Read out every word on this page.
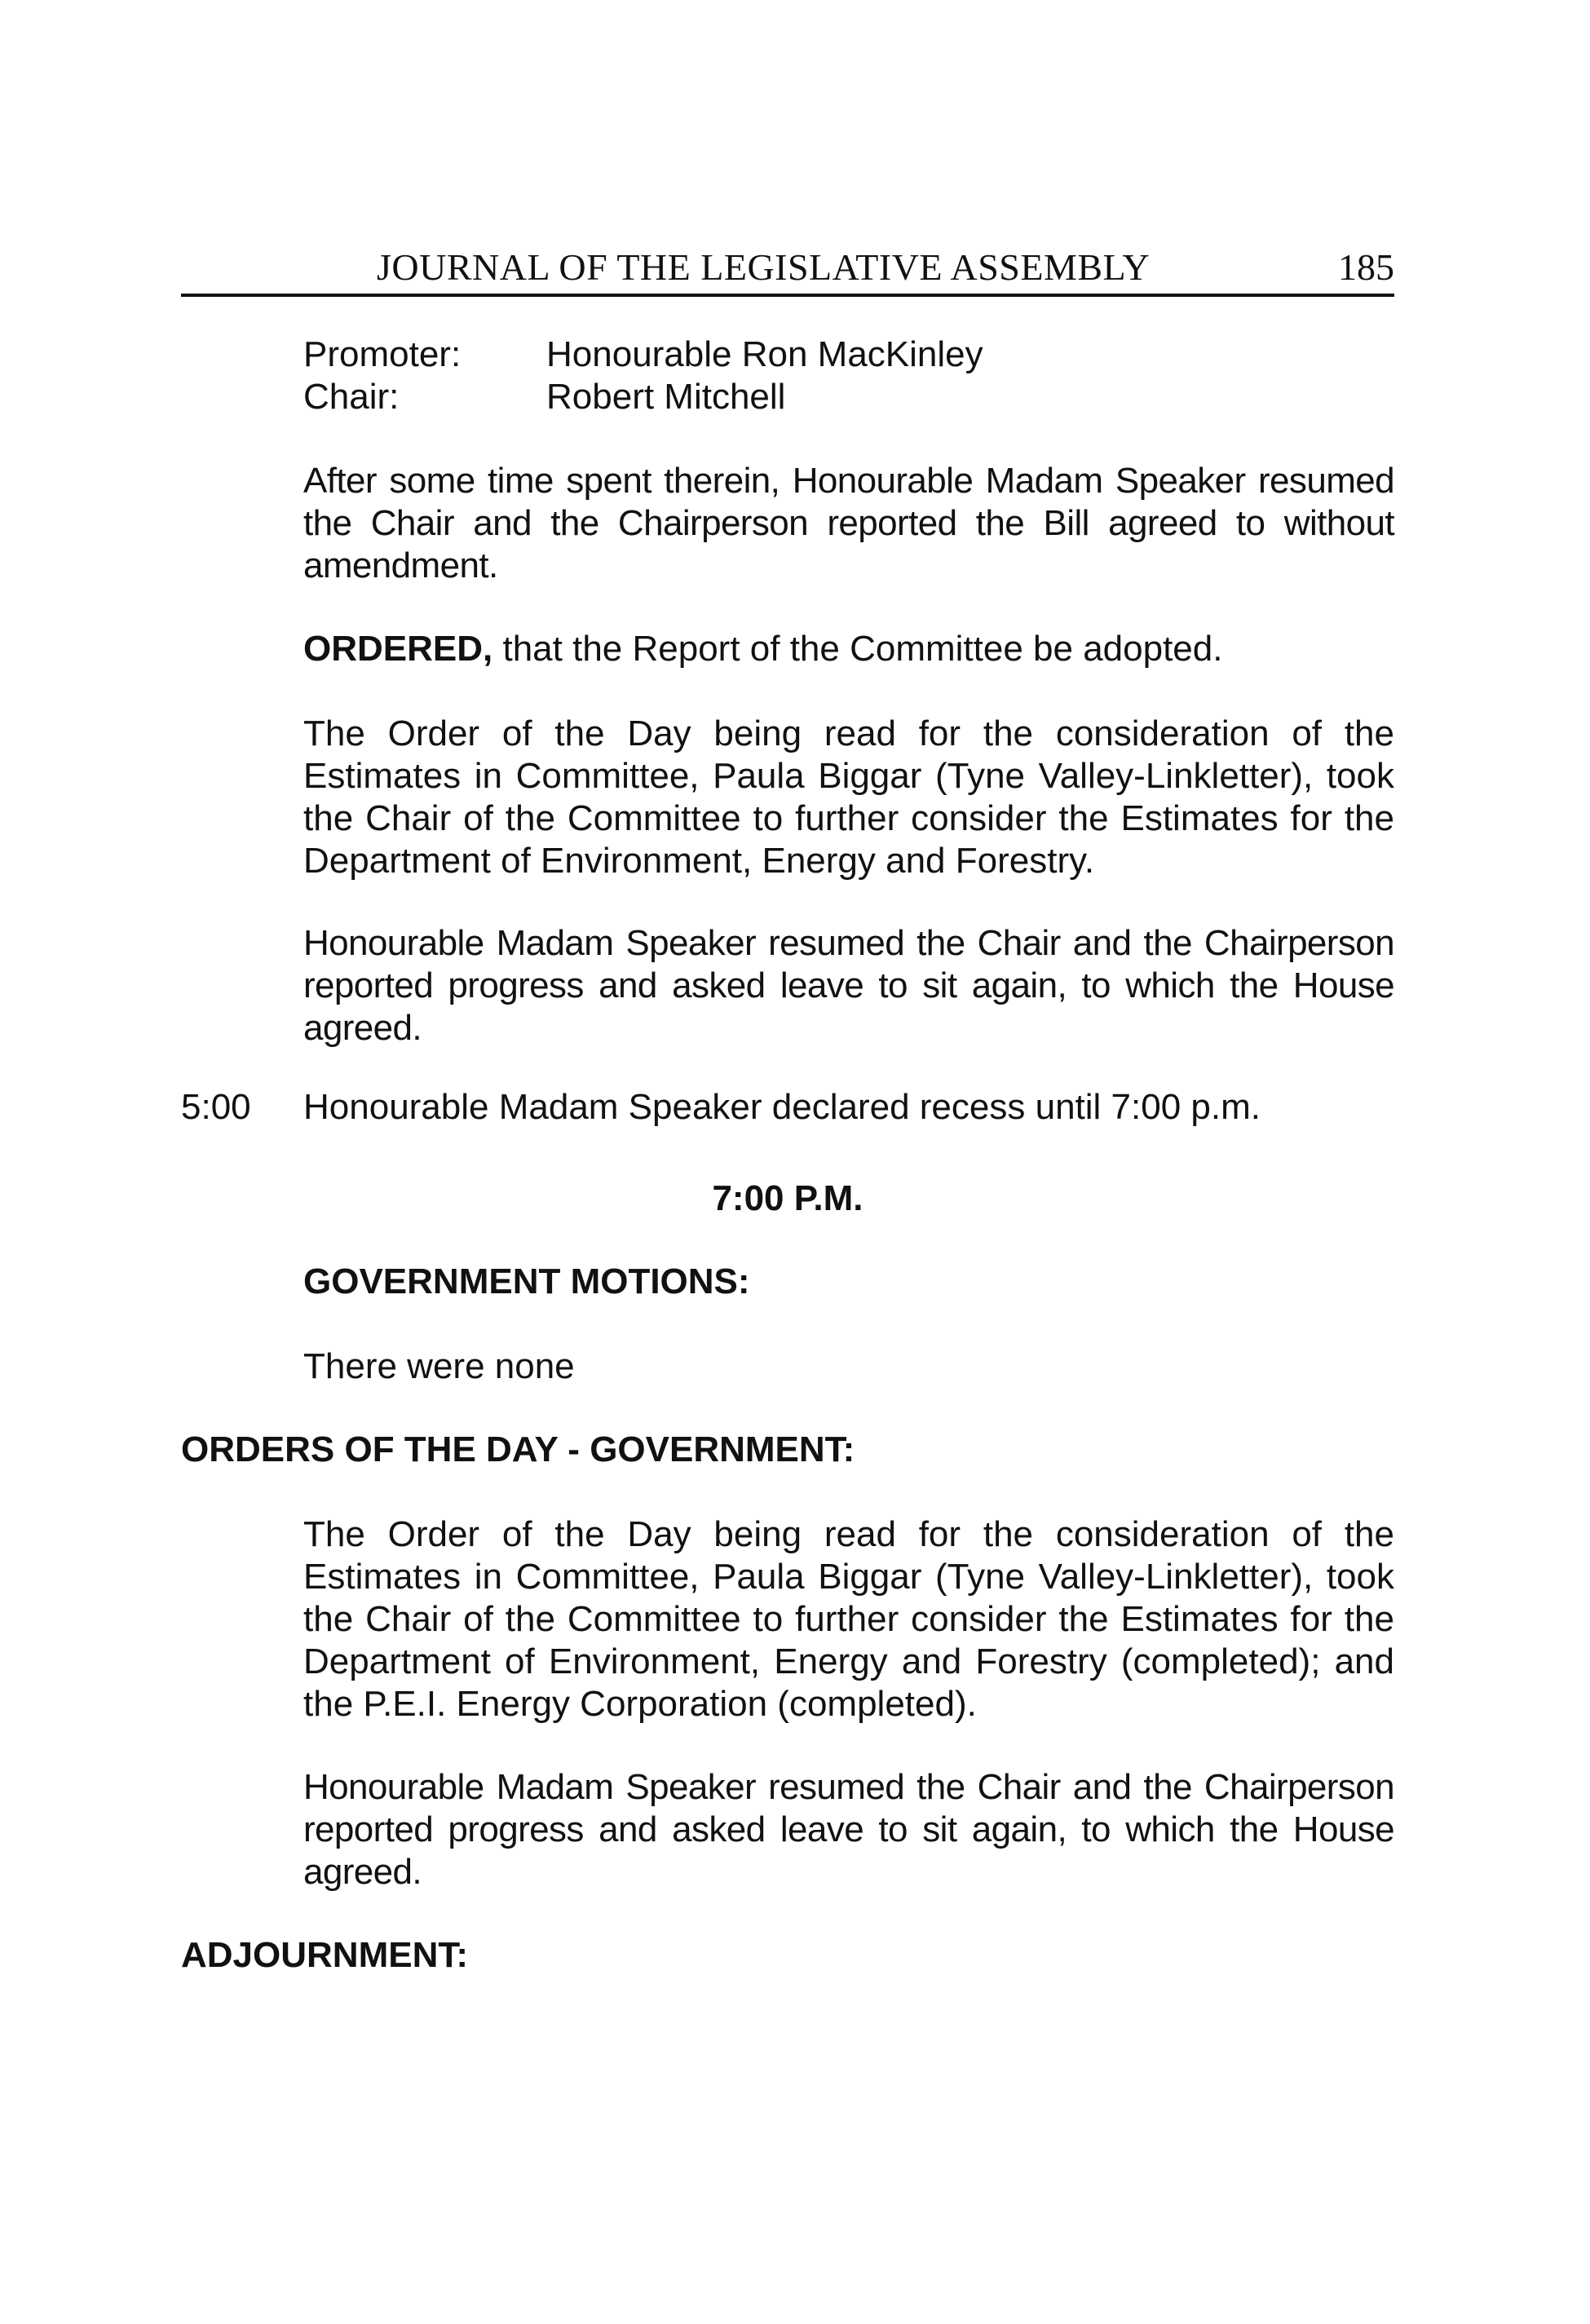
JOURNAL OF THE LEGISLATIVE ASSEMBLY	185
Promoter: Honourable Ron MacKinley
Chair:	Robert Mitchell

After some time spent therein, Honourable Madam Speaker resumed the Chair and the Chairperson reported the Bill agreed to without amendment.

ORDERED, that the Report of the Committee be adopted.

The Order of the Day being read for the consideration of the Estimates in Committee, Paula Biggar (Tyne Valley-Linkletter), took the Chair of the Committee to further consider the Estimates for the Department of Environment, Energy and Forestry.

Honourable Madam Speaker resumed the Chair and the Chairperson reported progress and asked leave to sit again, to which the House agreed.

5:00 Honourable Madam Speaker declared recess until 7:00 p.m.

7:00 P.M.
GOVERNMENT MOTIONS:

There were none

ORDERS OF THE DAY - GOVERNMENT:

The Order of the Day being read for the consideration of the Estimates in Committee, Paula Biggar (Tyne Valley-Linkletter), took the Chair of the Committee to further consider the Estimates for the Department of Environment, Energy and Forestry (completed); and the P.E.I. Energy Corporation (completed).

Honourable Madam Speaker resumed the Chair and the Chairperson reported progress and asked leave to sit again, to which the House agreed.

ADJOURNMENT:
